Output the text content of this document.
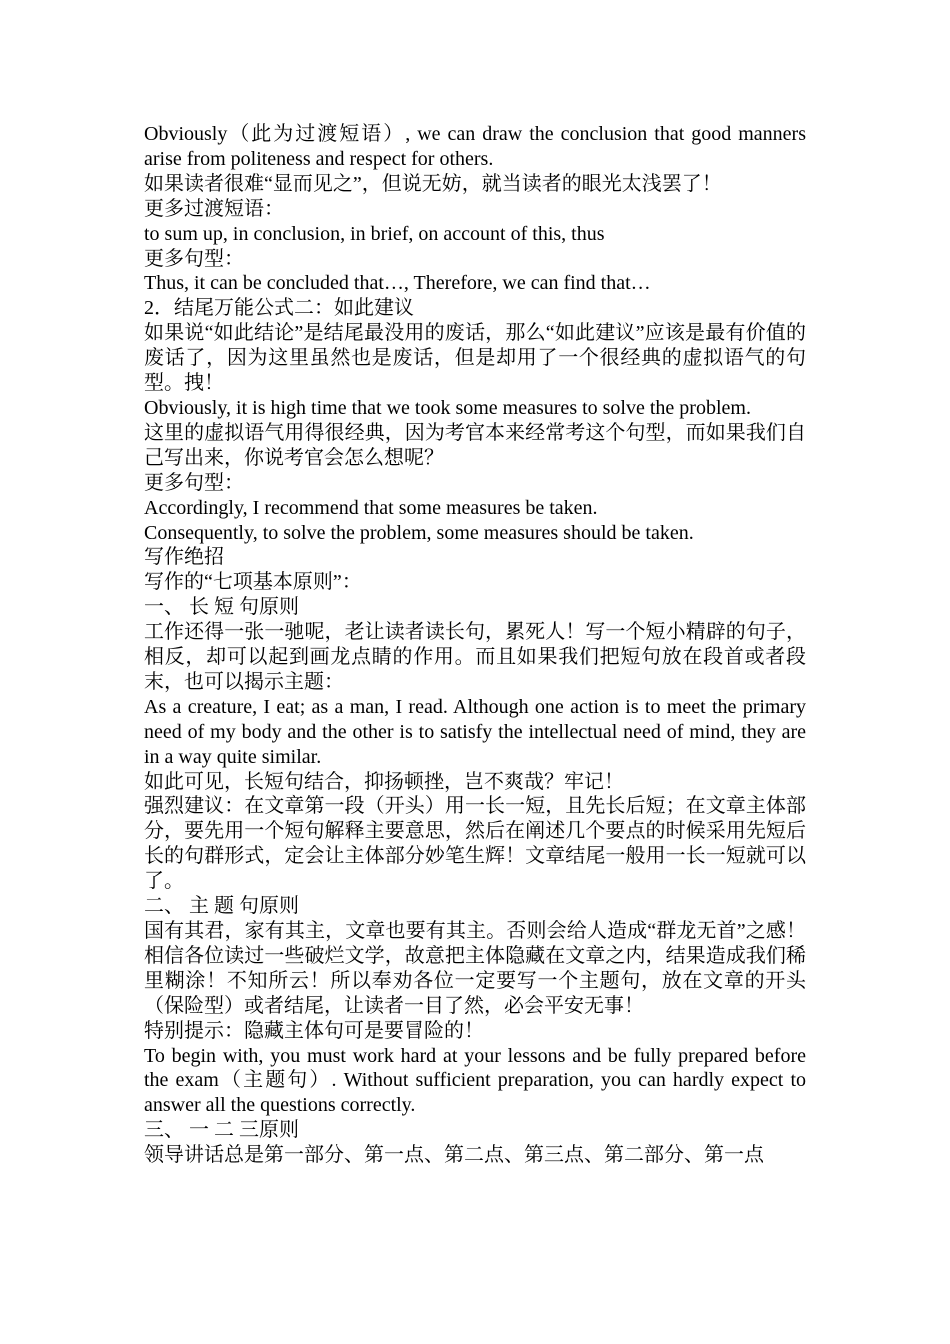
Obviously（此为过渡短语）, we can draw the conclusion that good manners arise from politeness and respect for others.

如果读者很难“显而见之”，但说无妨，就当读者的眼光太浅罢了！

更多过渡短语：

to sum up, in conclusion, in brief, on account of this, thus

更多句型：

Thus, it can be concluded that…, Therefore, we can find that…

2．结尾万能公式二：如此建议

如果说“如此结论”是结尾最没用的废话，那么“如此建议”应该是最有价值的废话了，因为这里虽然也是废话，但是却用了一个很经典的虚拟语气的句型。拽！

Obviously, it is high time that we took some measures to solve the problem.

这里的虚拟语气用得很经典，因为考官本来经常考这个句型，而如果我们自己写出来，你说考官会怎么想呢？

更多句型：

Accordingly, I recommend that some measures be taken.

Consequently, to solve the problem, some measures should be taken.

写作绝招

写作的“七项基本原则”：

一、 长 短 句原则

工作还得一张一驰呢，老让读者读长句，累死人！写一个短小精辟的句子，相反，却可以起到画龙点睛的作用。而且如果我们把短句放在段首或者段末，也可以揭示主题：

As a creature, I eat; as a man, I read. Although one action is to meet the primary need of my body and the other is to satisfy the intellectual need of mind, they are in a way quite similar.

如此可见，长短句结合，抑扬顿挫，岂不爽哉？牢记！

强烈建议：在文章第一段（开头）用一长一短，且先长后短；在文章主体部分，要先用一个短句解释主要意思，然后在阐述几个要点的时候采用先短后长的句群形式，定会让主体部分妙笔生辉！文章结尾一般用一长一短就可以了。

二、 主 题 句原则

国有其君，家有其主，文章也要有其主。否则会给人造成“群龙无首”之感！相信各位读过一些破烂文学，故意把主体隐藏在文章之内，结果造成我们稀里糊涂！不知所云！所以奉劝各位一定要写一个主题句，放在文章的开头（保险型）或者结尾，让读者一目了然，必会平安无事！

特别提示：隐藏主体句可是要冒险的！

To begin with, you must work hard at your lessons and be fully prepared before the exam（主题句）. Without sufficient preparation, you can hardly expect to answer all the questions correctly.

三、 一 二 三原则

领导讲话总是第一部分、第一点、第二点、第三点、第二部分、第一点
